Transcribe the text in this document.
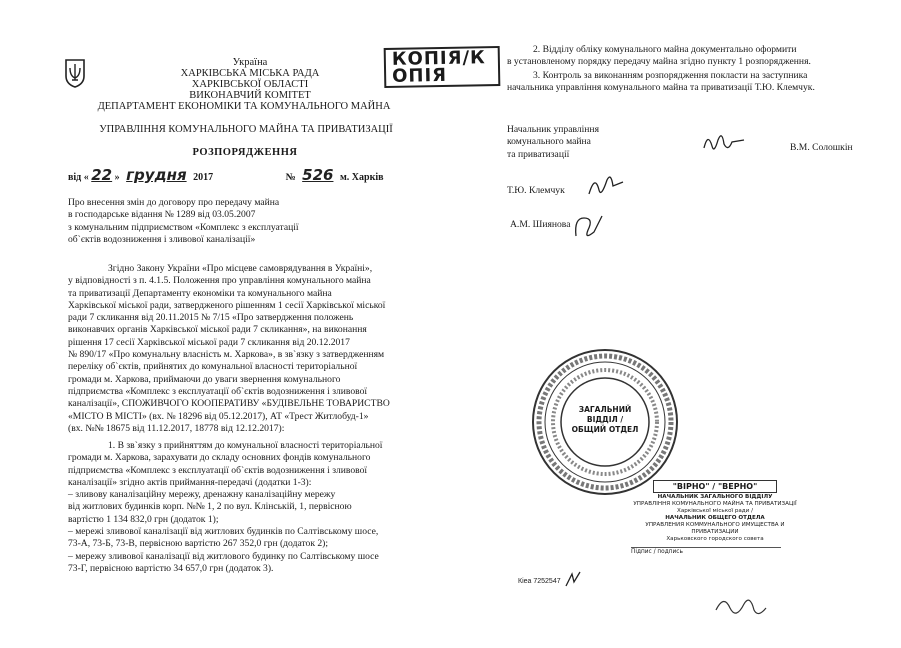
Україна
ХАРКІВСЬКА МІСЬКА РАДА
ХАРКІВСЬКОЇ ОБЛАСТІ
ВИКОНАВЧИЙ КОМІТЕТ
ДЕПАРТАМЕНТ ЕКОНОМІКИ ТА КОМУНАЛЬНОГО МАЙНА
УПРАВЛІННЯ КОМУНАЛЬНОГО МАЙНА ТА ПРИВАТИЗАЦІЇ
РОЗПОРЯДЖЕННЯ
КОПІЯ/КОПІЯ
від « 22 » грудня 2017	№ 526 м. Харків
Про внесення змін до договору про передачу майна
в господарське відання № 1289 від 03.05.2007
з комунальним підприємством «Комплекс з експлуатації
об`єктів водозниження і зливової каналізації»
Згідно Закону України «Про місцеве самоврядування в Україні»,
у відповідності з п. 4.1.5. Положення про управління комунального майна
та приватизації Департаменту економіки та комунального майна
Харківської міської ради, затвердженого рішенням 1 сесії Харківської міської
ради 7 скликання від 20.11.2015 № 7/15 «Про затвердження положень
виконавчих органів Харківської міської ради 7 скликання», на виконання
рішення 17 сесії Харківської міської ради 7 скликання від 20.12.2017
№ 890/17 «Про комунальну власність м. Харкова», в зв`язку з затвердженням
переліку об`єктів, прийнятих до комунальної власності територіальної
громади м. Харкова, приймаючи до уваги звернення комунального
підприємства «Комплекс з експлуатації об`єктів водозниження і зливової
каналізації», СПОЖИВЧОГО КООПЕРАТИВУ «БУДІВЕЛЬНЕ ТОВАРИСТВО
«МІСТО В МІСТІ» (вх. № 18296 від 05.12.2017), АТ «Трест Житлобуд-1»
(вх. №№ 18675 від 11.12.2017, 18778 від 12.12.2017):
1. В зв`язку з прийняттям до комунальної власності територіальної
громади м. Харкова, зарахувати до складу основних фондів комунального
підприємства «Комплекс з експлуатації об`єктів водозниження і зливової
каналізації» згідно актів приймання-передачі (додатки 1-3):
– зливову каналізаційну мережу, дренажну каналізаційну мережу
від житлових будинків корп. №№ 1, 2 по вул. Клінській, 1, первісною
вартістю 1 134 832,0 грн (додаток 1);
– мережі зливової каналізації від житлових будинків по Салтівському шосе,
73-А, 73-Б, 73-В, первісною вартістю 267 352,0 грн (додаток 2);
– мережу зливової каналізації від житлового будинку по Салтівському шосе
73-Г, первісною вартістю 34 657,0 грн (додаток 3).
2. Відділу обліку комунального майна документально оформити
в установленому порядку передачу майна згідно пункту 1 розпорядження.
3. Контроль за виконанням розпорядження покласти на заступника
начальника управління комунального майна та приватизації Т.Ю. Клемчук.
Начальник управління
комунального майна
та приватизації
В.М. Солошкін
Т.Ю. Клемчук
А.М. Шиянова
ЗАГАЛЬНИЙ
ВІДДІЛ /
ОБЩИЙ ОТДЕЛ
"ВІРНО" / "ВЕРНО"
НАЧАЛЬНИК ЗАГАЛЬНОГО ВІДДІЛУ
УПРАВЛІННЯ КОМУНАЛЬНОГО МАЙНА ТА ПРИВАТИЗАЦІЇ
Харківської міської ради /
НАЧАЛЬНИК ОБЩЕГО ОТДЕЛА
УПРАВЛЕНИЯ КОММУНАЛЬНОГО ИМУЩЕСТВА И ПРИВАТИЗАЦИИ
Харьковского городского совета
Підпис / подпись
Кіеа 7252547
